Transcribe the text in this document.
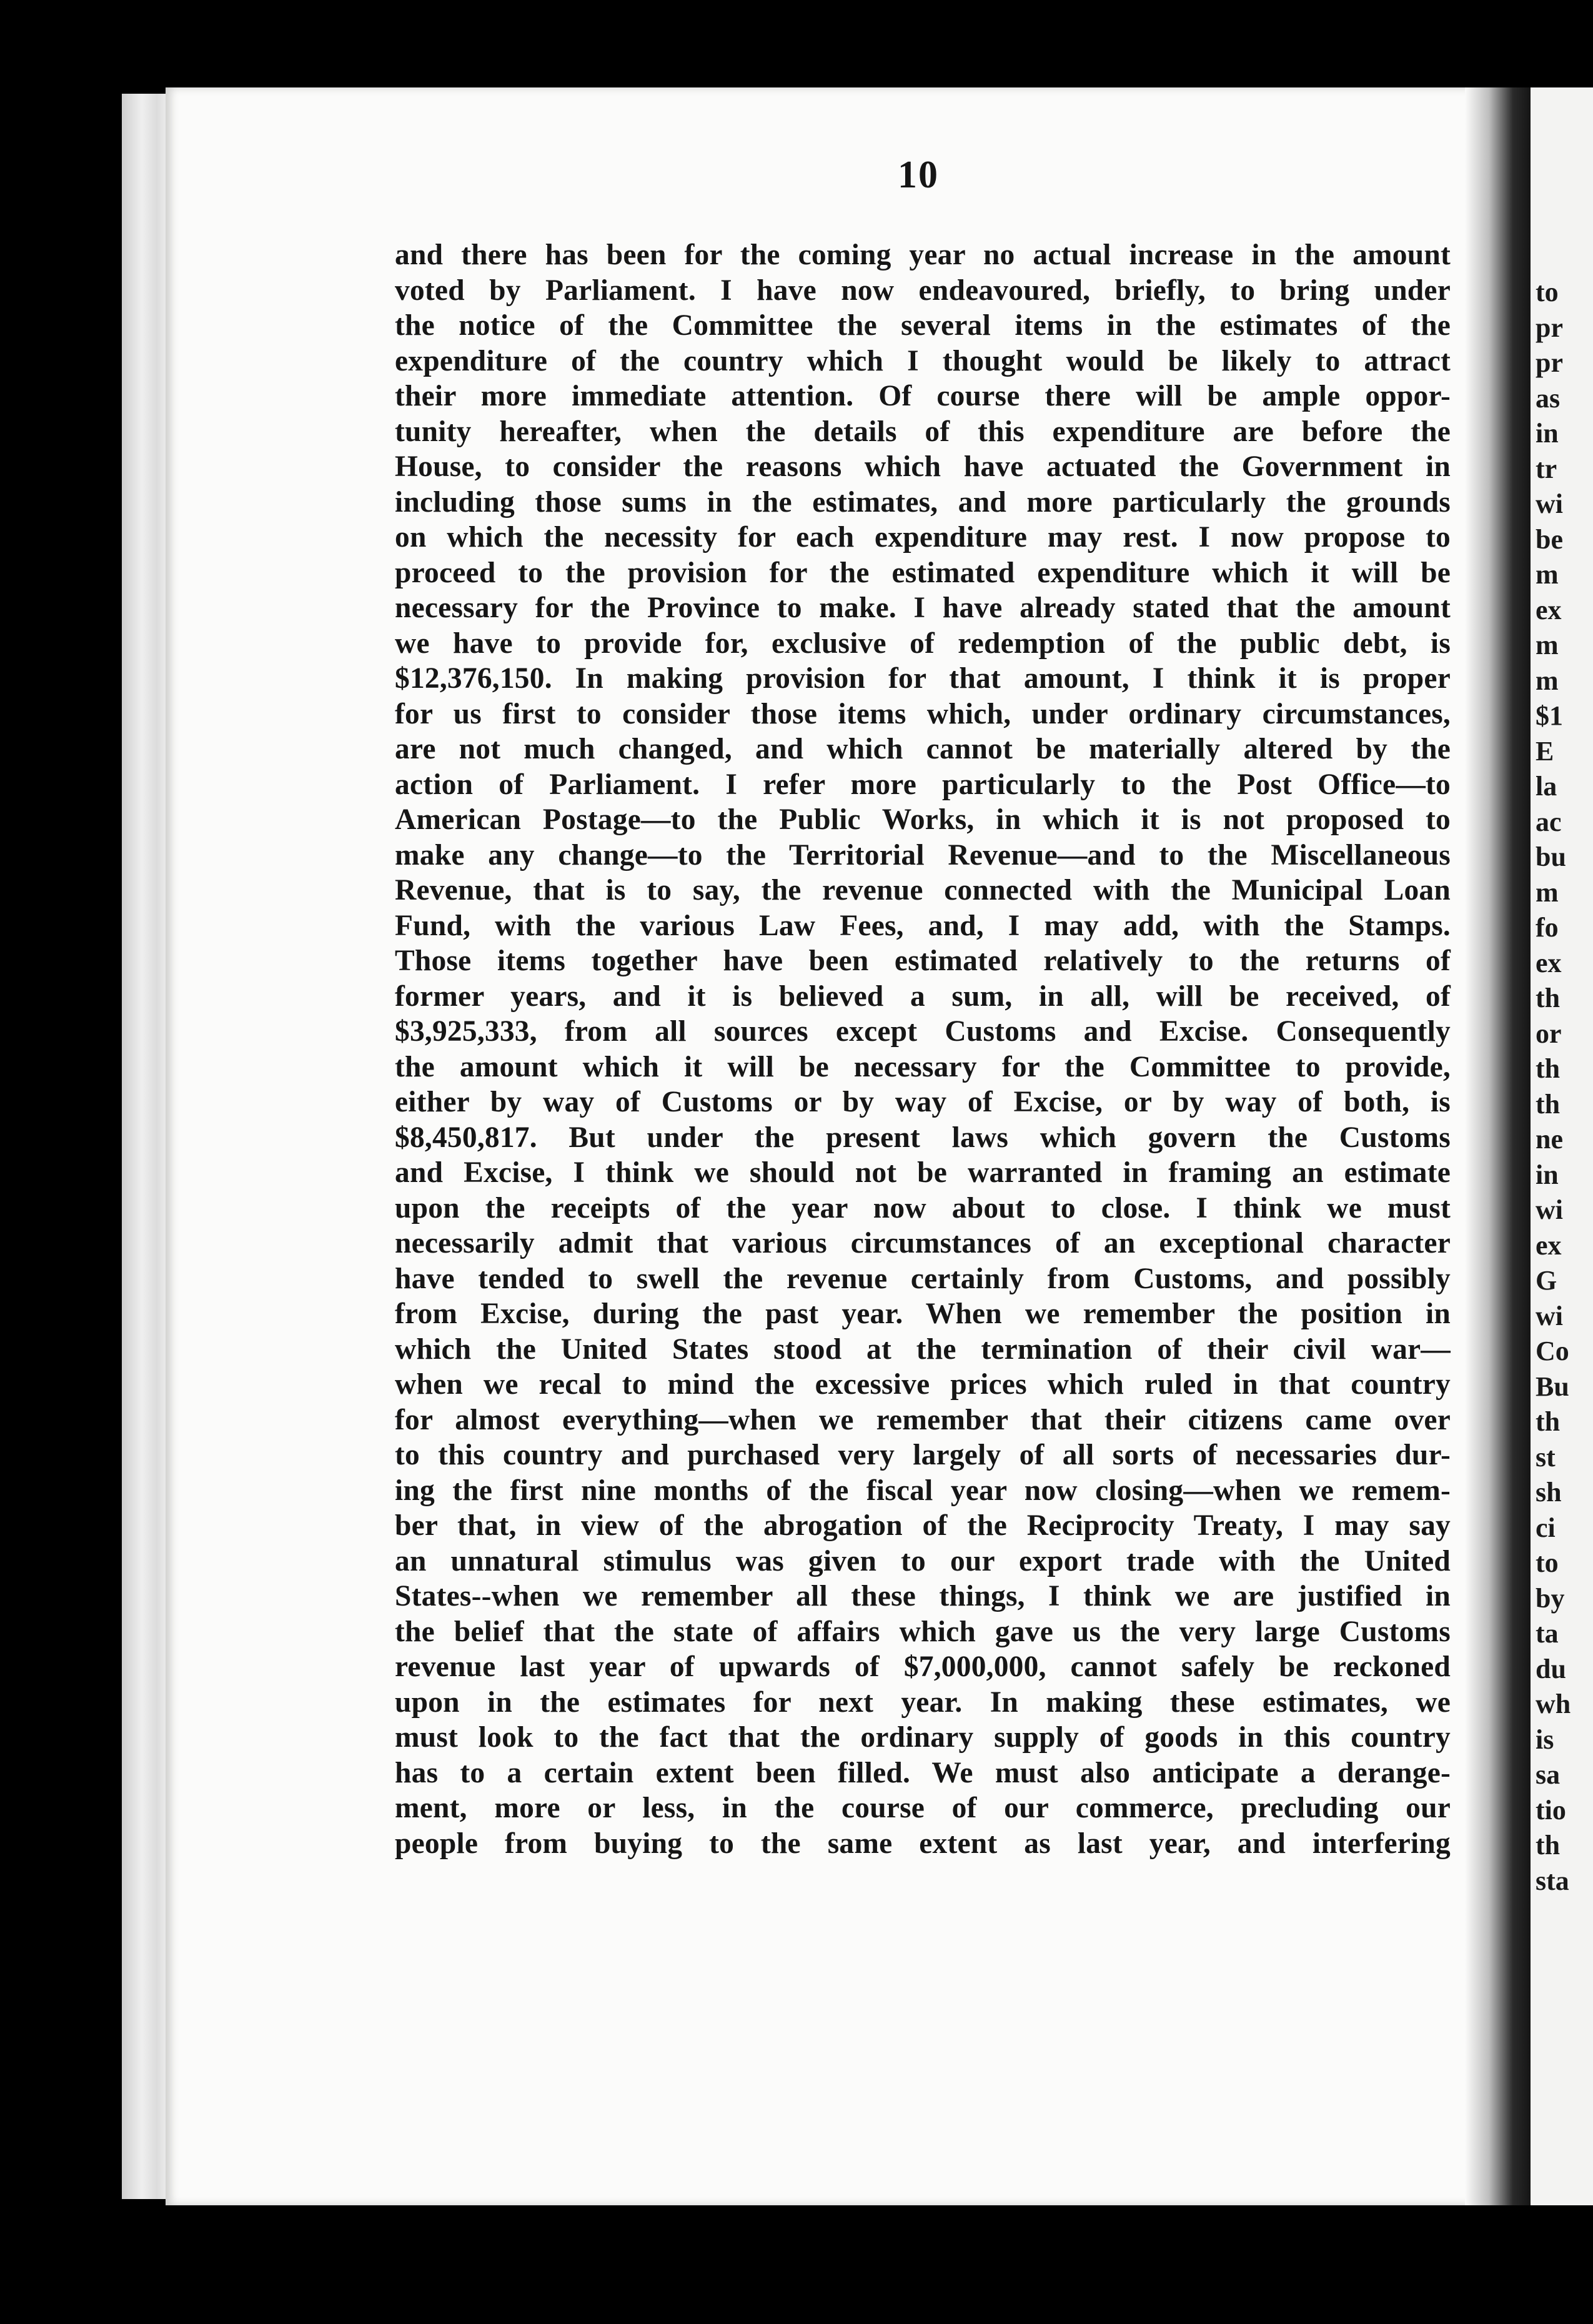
to
pr
pr
as
in
tr
wi
be
m
ex
m
m
$1
E
la
ac
bu
m
fo
ex
th
or
th
th
ne
in
wi
ex
G
wi
Co
Bu
th
st
sh
ci
to
by
ta
du
wh
is
sa
tio
th
sta
10
and there has been for the coming year no actual increase in the amount
voted by Parliament. I have now endeavoured, briefly, to bring under
the notice of the Committee the several items in the estimates of the
expenditure of the country which I thought would be likely to attract
their more immediate attention. Of course there will be ample oppor-
tunity hereafter, when the details of this expenditure are before the
House, to consider the reasons which have actuated the Government in
including those sums in the estimates, and more particularly the grounds
on which the necessity for each expenditure may rest. I now propose to
proceed to the provision for the estimated expenditure which it will be
necessary for the Province to make. I have already stated that the amount
we have to provide for, exclusive of redemption of the public debt, is
$12,376,150. In making provision for that amount, I think it is proper
for us first to consider those items which, under ordinary circumstances,
are not much changed, and which cannot be materially altered by the
action of Parliament. I refer more particularly to the Post Office—to
American Postage—to the Public Works, in which it is not proposed to
make any change—to the Territorial Revenue—and to the Miscellaneous
Revenue, that is to say, the revenue connected with the Municipal Loan
Fund, with the various Law Fees, and, I may add, with the Stamps.
Those items together have been estimated relatively to the returns of
former years, and it is believed a sum, in all, will be received, of
$3,925,333, from all sources except Customs and Excise. Consequently
the amount which it will be necessary for the Committee to provide,
either by way of Customs or by way of Excise, or by way of both, is
$8,450,817. But under the present laws which govern the Customs
and Excise, I think we should not be warranted in framing an estimate
upon the receipts of the year now about to close. I think we must
necessarily admit that various circumstances of an exceptional character
have tended to swell the revenue certainly from Customs, and possibly
from Excise, during the past year. When we remember the position in
which the United States stood at the termination of their civil war—
when we recal to mind the excessive prices which ruled in that country
for almost everything—when we remember that their citizens came over
to this country and purchased very largely of all sorts of necessaries dur-
ing the first nine months of the fiscal year now closing—when we remem-
ber that, in view of the abrogation of the Reciprocity Treaty, I may say
an unnatural stimulus was given to our export trade with the United
States--when we remember all these things, I think we are justified in
the belief that the state of affairs which gave us the very large Customs
revenue last year of upwards of $7,000,000, cannot safely be reckoned
upon in the estimates for next year. In making these estimates, we
must look to the fact that the ordinary supply of goods in this country
has to a certain extent been filled. We must also anticipate a derange-
ment, more or less, in the course of our commerce, precluding our
people from buying to the same extent as last year, and interfering
